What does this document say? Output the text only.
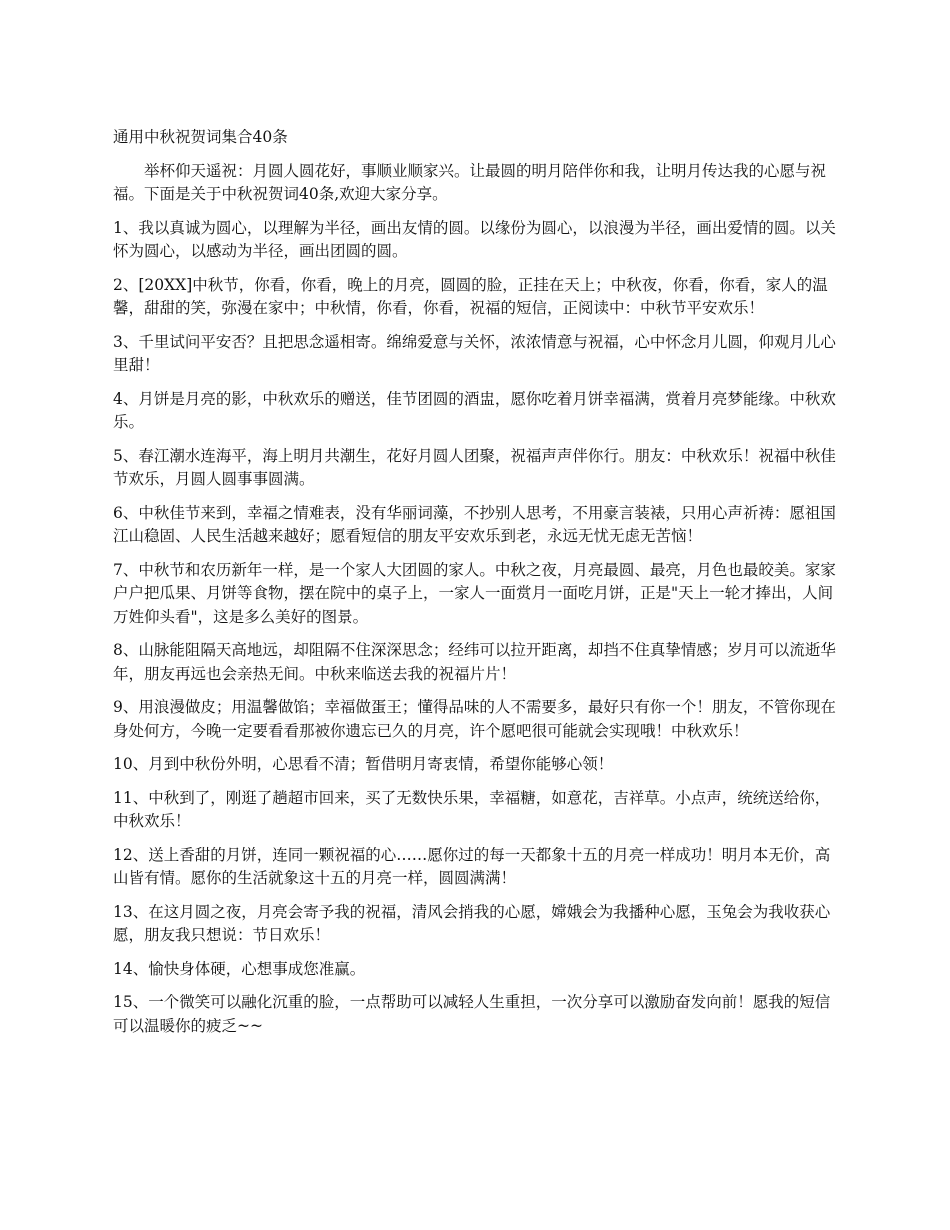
通用中秋祝贺词集合40条

举杯仰天遥祝：月圆人圆花好，事顺业顺家兴。让最圆的明月陪伴你和我，让明月传达我的心愿与祝福。下面是关于中秋祝贺词40条,欢迎大家分享。

1、我以真诚为圆心，以理解为半径，画出友情的圆。以缘份为圆心，以浪漫为半径，画出爱情的圆。以关怀为圆心，以感动为半径，画出团圆的圆。

2、[20XX]中秋节，你看，你看，晚上的月亮，圆圆的脸，正挂在天上；中秋夜，你看，你看，家人的温馨，甜甜的笑，弥漫在家中；中秋情，你看，你看，祝福的短信，正阅读中：中秋节平安欢乐！

3、千里试问平安否？且把思念遥相寄。绵绵爱意与关怀，浓浓情意与祝福，心中怀念月儿圆，仰观月儿心里甜！

4、月饼是月亮的影，中秋欢乐的赠送，佳节团圆的酒盅，愿你吃着月饼幸福满，赏着月亮梦能缘。中秋欢乐。

5、春江潮水连海平，海上明月共潮生，花好月圆人团聚，祝福声声伴你行。朋友：中秋欢乐！祝福中秋佳节欢乐，月圆人圆事事圆满。

6、中秋佳节来到，幸福之情难表，没有华丽词藻，不抄别人思考，不用豪言装裱，只用心声祈祷：愿祖国江山稳固、人民生活越来越好；愿看短信的朋友平安欢乐到老，永远无忧无虑无苦恼！

7、中秋节和农历新年一样，是一个家人大团圆的家人。中秋之夜，月亮最圆、最亮，月色也最皎美。家家户户把瓜果、月饼等食物，摆在院中的桌子上，一家人一面赏月一面吃月饼，正是"天上一轮才捧出，人间万姓仰头看"，这是多么美好的图景。

8、山脉能阻隔天高地远，却阻隔不住深深思念；经纬可以拉开距离，却挡不住真挚情感；岁月可以流逝华年，朋友再远也会亲热无间。中秋来临送去我的祝福片片！

9、用浪漫做皮；用温馨做馅；幸福做蛋王；懂得品味的人不需要多，最好只有你一个！朋友，不管你现在身处何方，今晚一定要看看那被你遗忘已久的月亮，许个愿吧很可能就会实现哦！中秋欢乐！

10、月到中秋份外明，心思看不清；暂借明月寄衷情，希望你能够心领！

11、中秋到了，刚逛了趟超市回来，买了无数快乐果，幸福糖，如意花，吉祥草。小点声，统统送给你，中秋欢乐！

12、送上香甜的月饼，连同一颗祝福的心……愿你过的每一天都象十五的月亮一样成功！明月本无价，高山皆有情。愿你的生活就象这十五的月亮一样，圆圆满满！

13、在这月圆之夜，月亮会寄予我的祝福，清风会捎我的心愿，嫦娥会为我播种心愿，玉兔会为我收获心愿，朋友我只想说：节日欢乐！

14、愉快身体硬，心想事成您准赢。

15、一个微笑可以融化沉重的脸，一点帮助可以减轻人生重担，一次分享可以激励奋发向前！愿我的短信可以温暖你的疲乏~~
